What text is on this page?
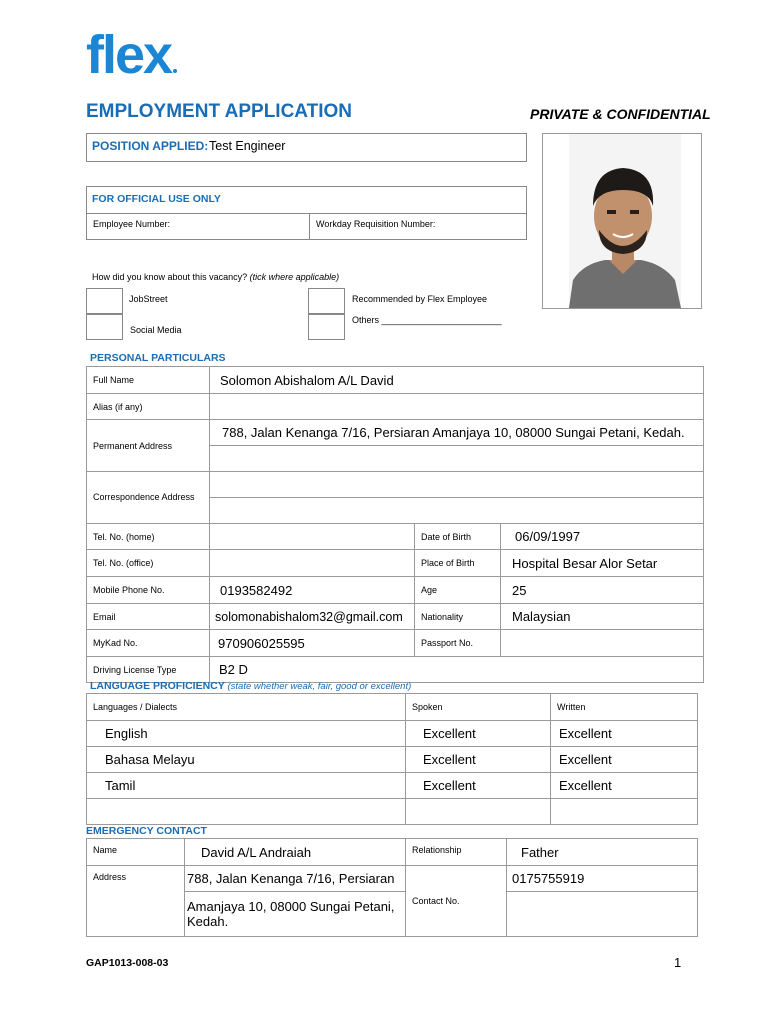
flex
EMPLOYMENT APPLICATION	PRIVATE & CONFIDENTIAL
POSITION APPLIED: Test Engineer
FOR OFFICIAL USE ONLY
Employee Number:	Workday Requisition Number:
How did you know about this vacancy? (tick where applicable)
JobStreet
Social Media
Recommended by Flex Employee
Others ________________________
PERSONAL PARTICULARS
Full Name	Solomon Abishalom A/L David		
Alias (if any)			
Permanent Address	788, Jalan Kenanga 7/16, Persiaran Amanjaya 10, 08000 Sungai Petani, Kedah.		

Correspondence Address			

Tel. No. (home)		Date of Birth	06/09/1997
Tel. No. (office)		Place of Birth	Hospital Besar Alor Setar
Mobile Phone No.	0193582492	Age	25
Email	solomonabishalom32@gmail.com	Nationality	Malaysian
MyKad No.	970906025595	Passport No.	
Driving License Type	B2 D		
LANGUAGE PROFICIENCY (state whether weak, fair, good or excellent)
Languages / Dialects	Spoken	Written
English	Excellent	Excellent
Bahasa Melayu	Excellent	Excellent
Tamil	Excellent	Excellent

EMERGENCY CONTACT
Name	David A/L Andraiah	Relationship	Father
Address	788, Jalan Kenanga 7/16, Persiaran	Contact No.	0175755919
	Amanjaya 10, 08000 Sungai Petani, Kedah.		
GAP1013-008-03	1
